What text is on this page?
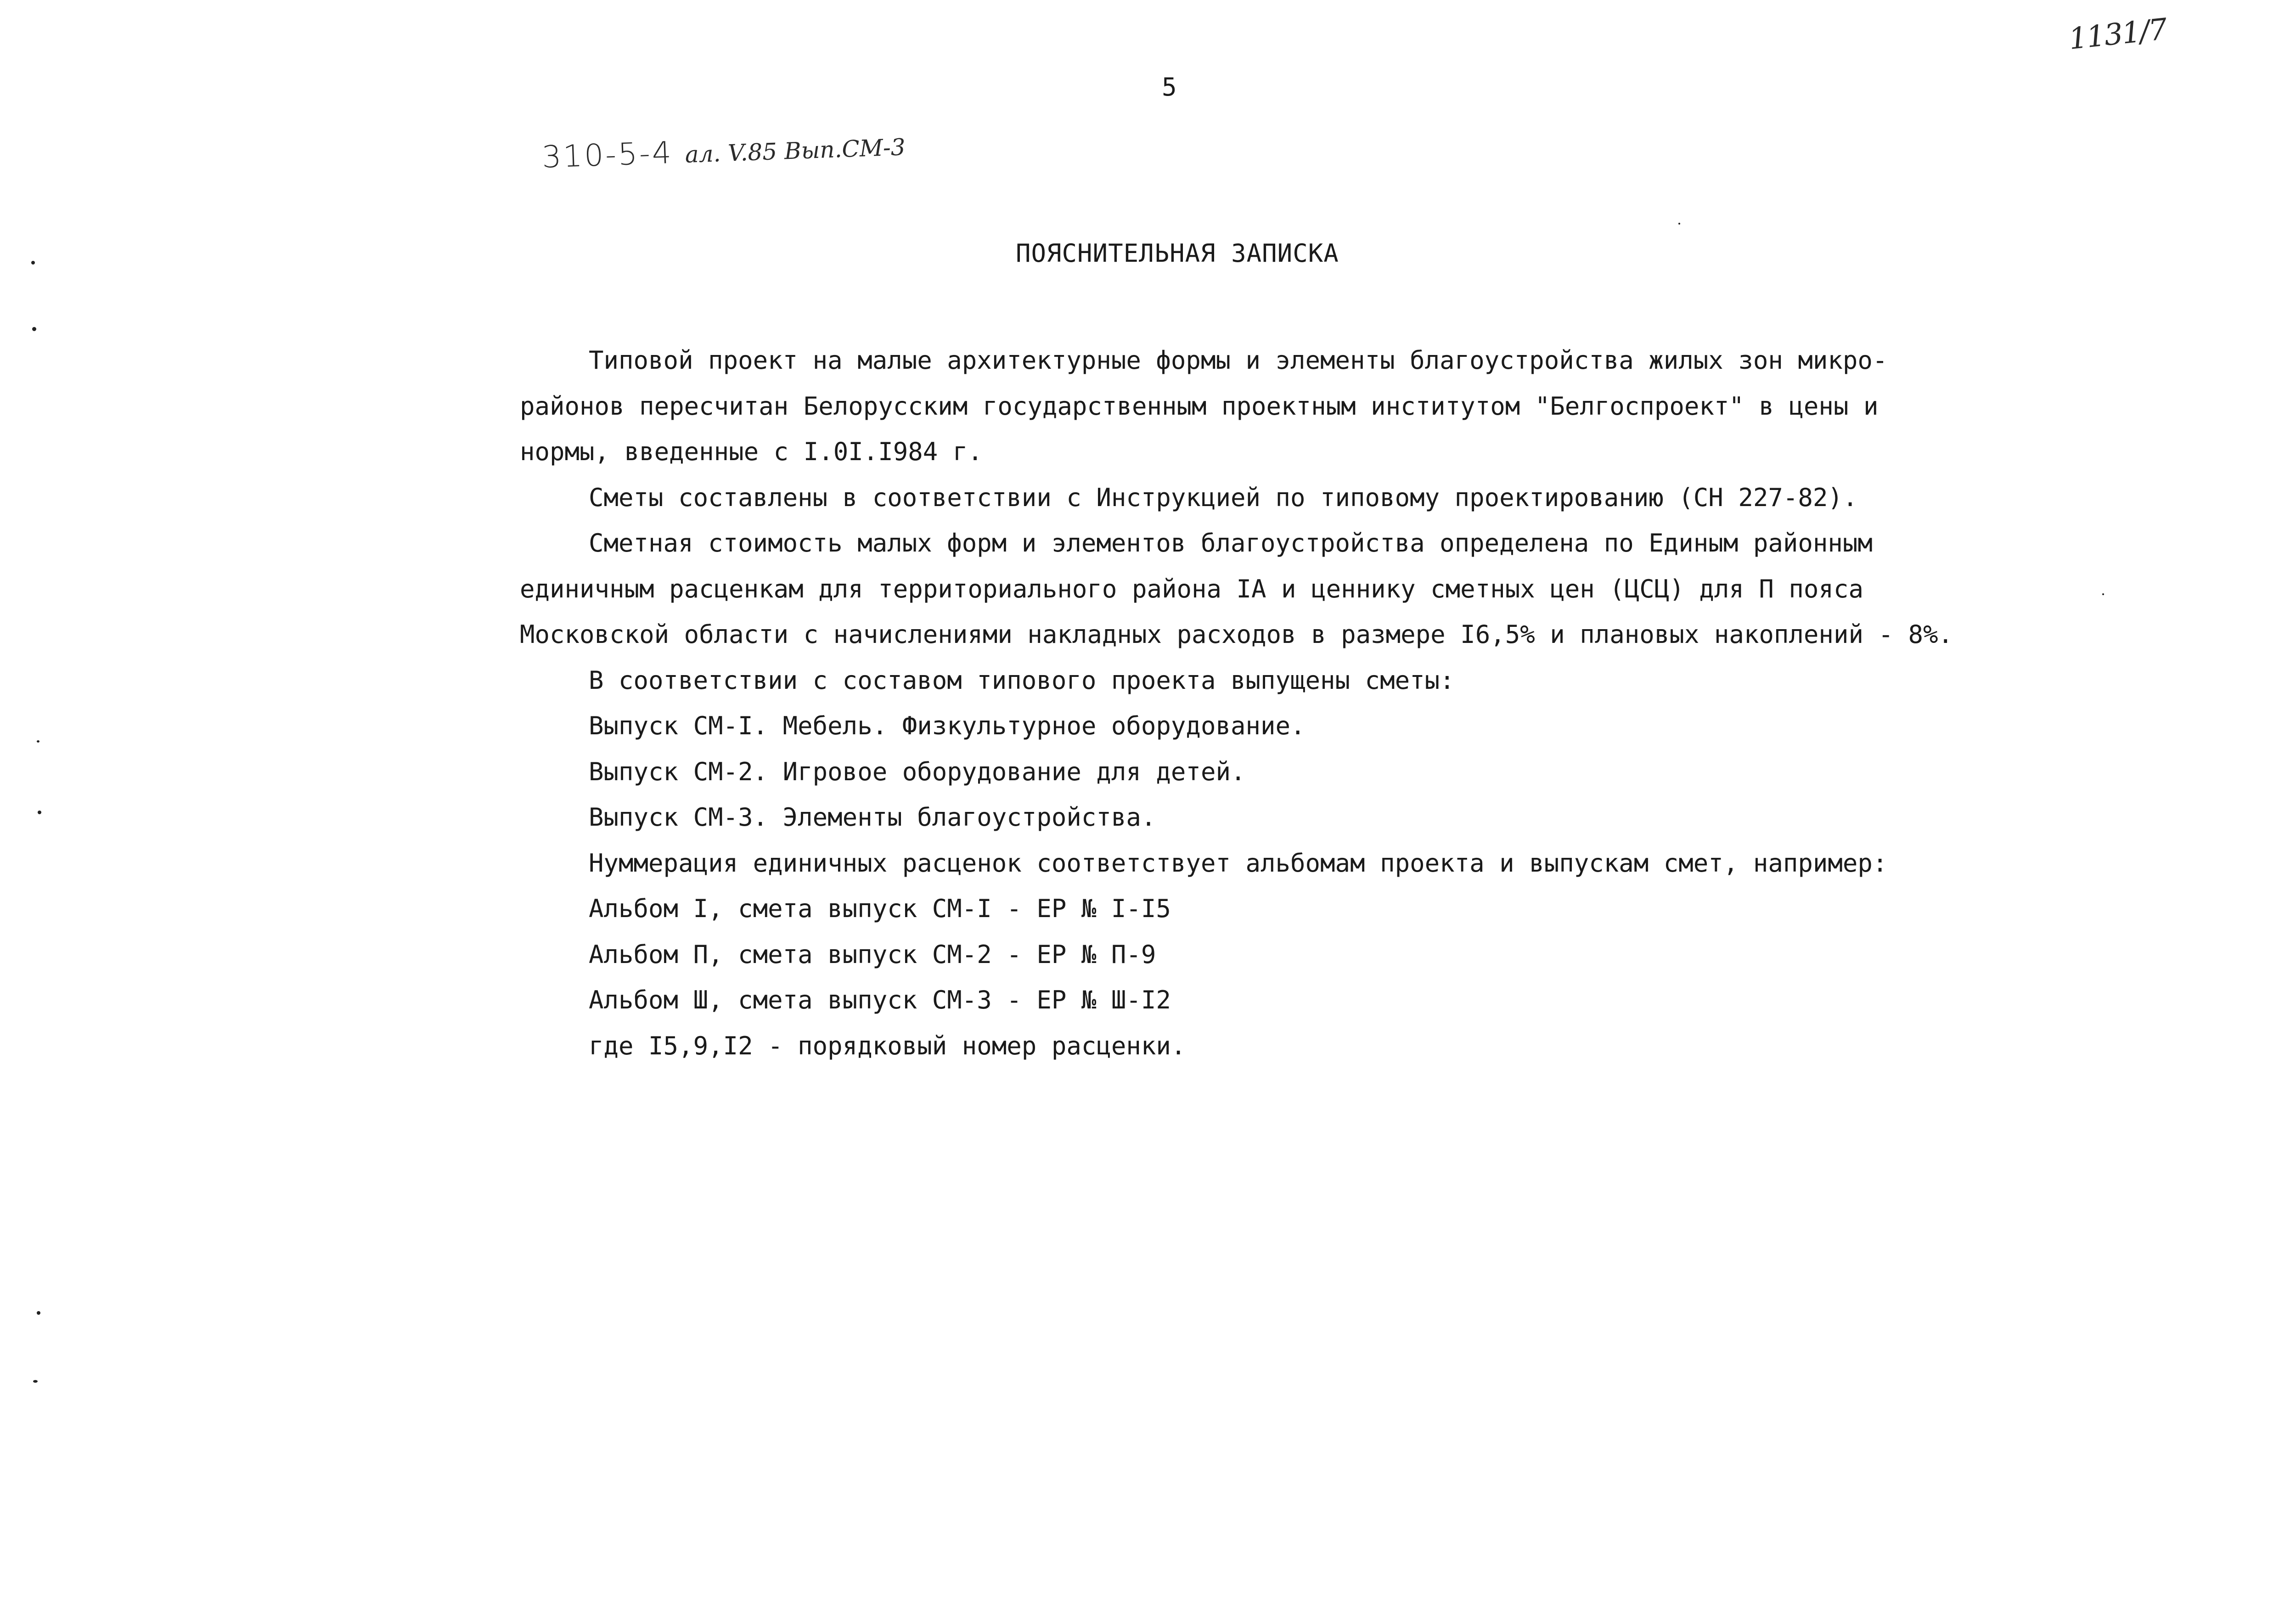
1131/7
5
310-5-4 ал. V.85 Вып.СМ-3
ПОЯСНИТЕЛЬНАЯ ЗАПИСКА
Типовой проект на малые архитектурные формы и элементы благоустройства жилых зон микро-
районов пересчитан Белорусским государственным проектным институтом "Белгоспроект" в цены и
нормы, введенные с I.0I.I984 г.
Сметы составлены в соответствии с Инструкцией по типовому проектированию (СН 227-82).
Сметная стоимость малых форм и элементов благоустройства определена по Единым районным
единичным расценкам для территориального района IА и ценнику сметных цен (ЦСЦ) для П пояса
Московской области с начислениями накладных расходов в размере I6,5% и плановых накоплений - 8%.
В соответствии с составом типового проекта выпущены сметы:
Выпуск СМ-I. Мебель. Физкультурное оборудование.
Выпуск СМ-2. Игровое оборудование для детей.
Выпуск СМ-3. Элементы благоустройства.
Нуммерация единичных расценок соответствует альбомам проекта и выпускам смет, например:
Альбом I, смета выпуск СМ-I - ЕР № I-I5
Альбом П, смета выпуск СМ-2 - ЕР № П-9
Альбом Ш, смета выпуск СМ-3 - ЕР № Ш-I2
где I5,9,I2 - порядковый номер расценки.
